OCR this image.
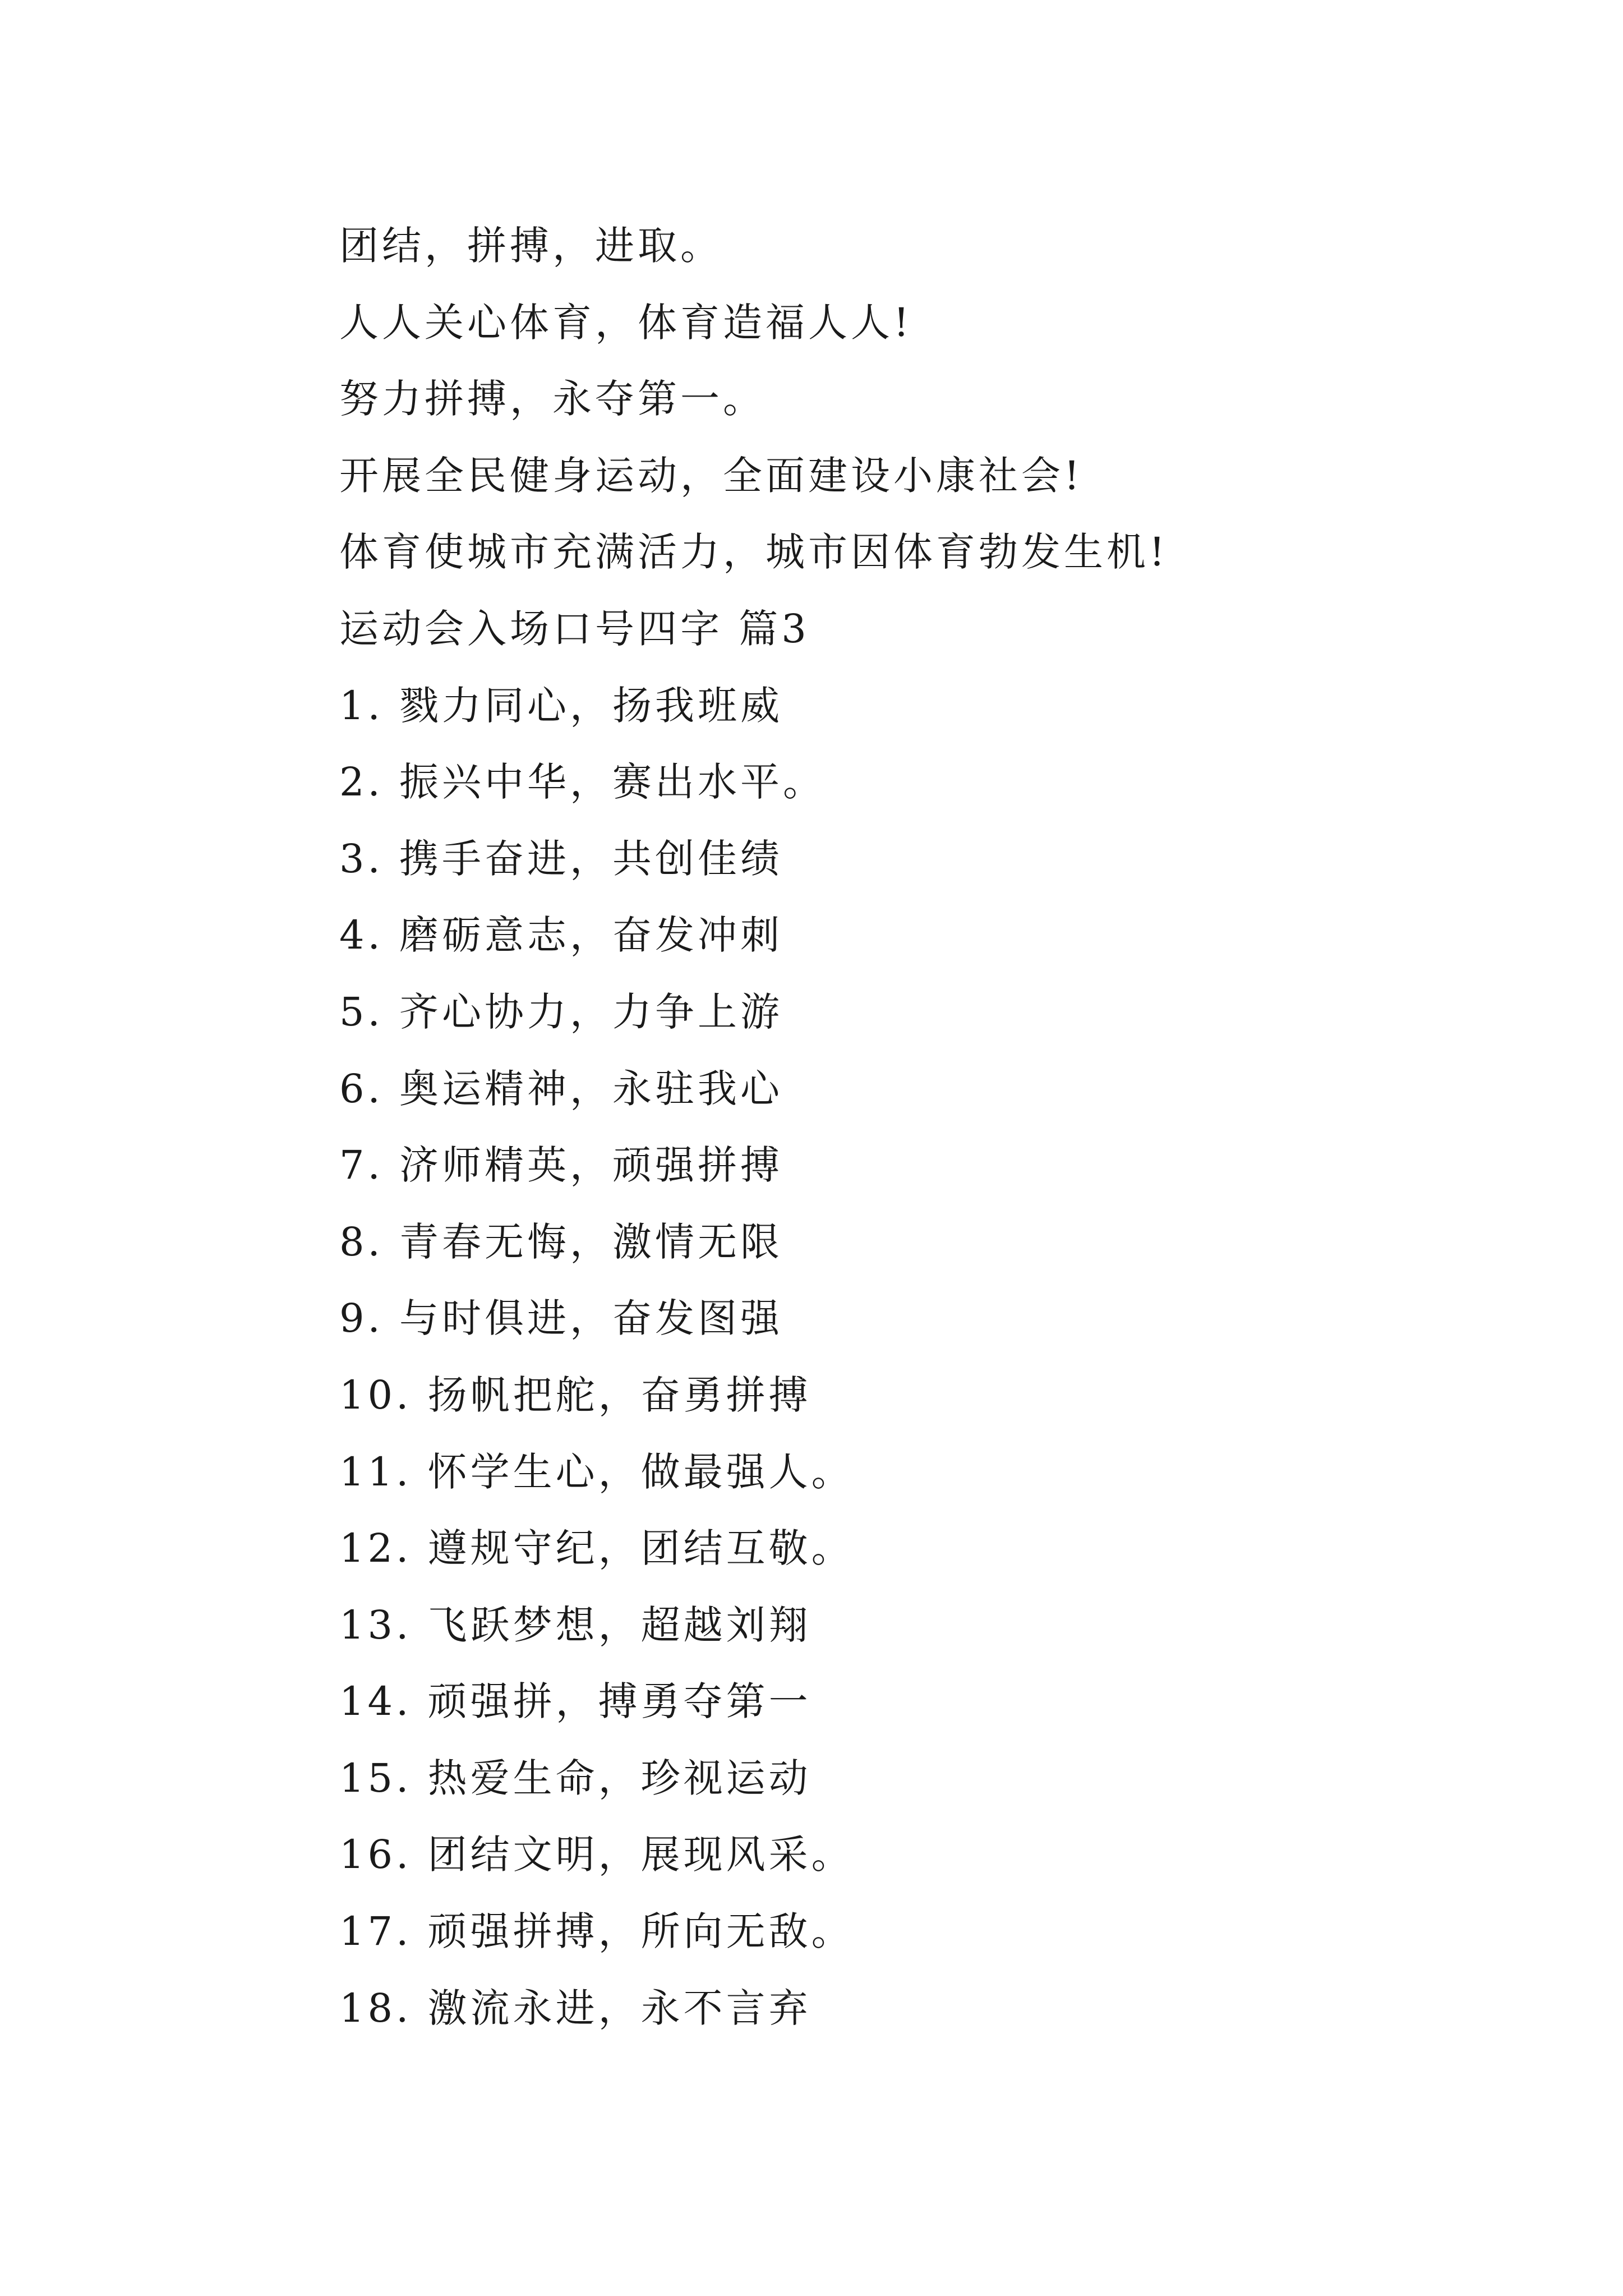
团结，拼搏，进取。

人人关心体育，体育造福人人!

努力拼搏，永夺第一。

开展全民健身运动，全面建设小康社会!

体育使城市充满活力，城市因体育勃发生机!

运动会入场口号四字 篇3

1. 戮力同心，扬我班威

2. 振兴中华，赛出水平。

3. 携手奋进，共创佳绩

4. 磨砺意志，奋发冲刺

5. 齐心协力，力争上游

6. 奥运精神，永驻我心

7. 济师精英，顽强拼搏

8. 青春无悔，激情无限

9. 与时俱进，奋发图强

10. 扬帆把舵，奋勇拼搏

11. 怀学生心，做最强人。

12. 遵规守纪，团结互敬。

13. 飞跃梦想，超越刘翔

14. 顽强拼，搏勇夺第一

15. 热爱生命，珍视运动

16. 团结文明，展现风采。

17. 顽强拼搏，所向无敌。

18. 激流永进，永不言弃
